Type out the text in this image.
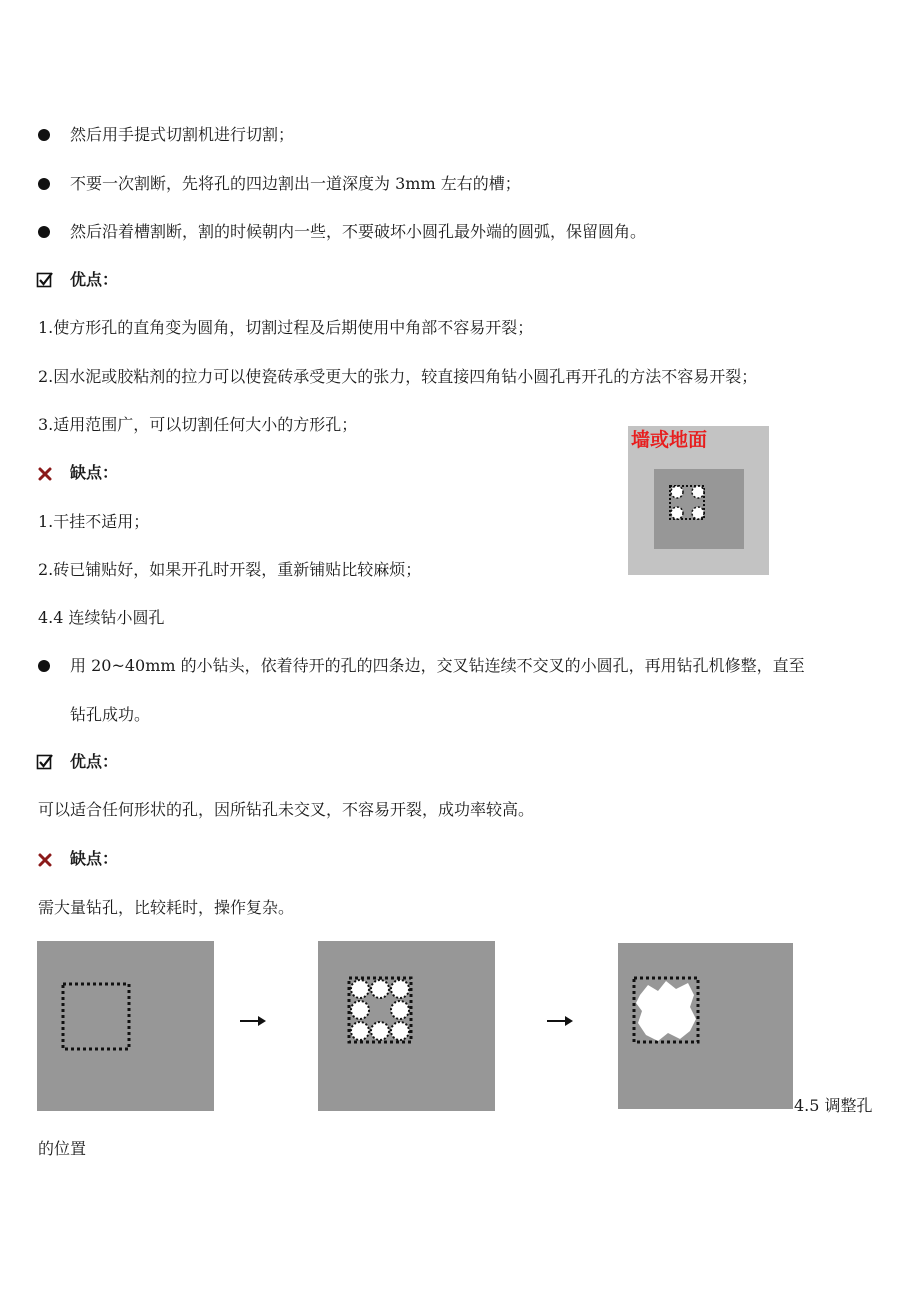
然后用手提式切割机进行切割；
不要一次割断，先将孔的四边割出一道深度为 3mm 左右的槽；
然后沿着槽割断，割的时候朝内一些，不要破坏小圆孔最外端的圆弧，保留圆角。
优点：
1.使方形孔的直角变为圆角，切割过程及后期使用中角部不容易开裂；
2.因水泥或胶粘剂的拉力可以使瓷砖承受更大的张力，较直接四角钻小圆孔再开孔的方法不容易开裂；
3.适用范围广，可以切割任何大小的方形孔；
缺点：
1.干挂不适用；
2.砖已铺贴好，如果开孔时开裂，重新铺贴比较麻烦；
墙或地面
4.4 连续钻小圆孔
用 20~40mm 的小钻头，依着待开的孔的四条边，交叉钻连续不交叉的小圆孔，再用钻孔机修整，直至
钻孔成功。
优点：
可以适合任何形状的孔，因所钻孔未交叉，不容易开裂，成功率较高。
缺点：
需大量钻孔，比较耗时，操作复杂。
4.5 调整孔
的位置
